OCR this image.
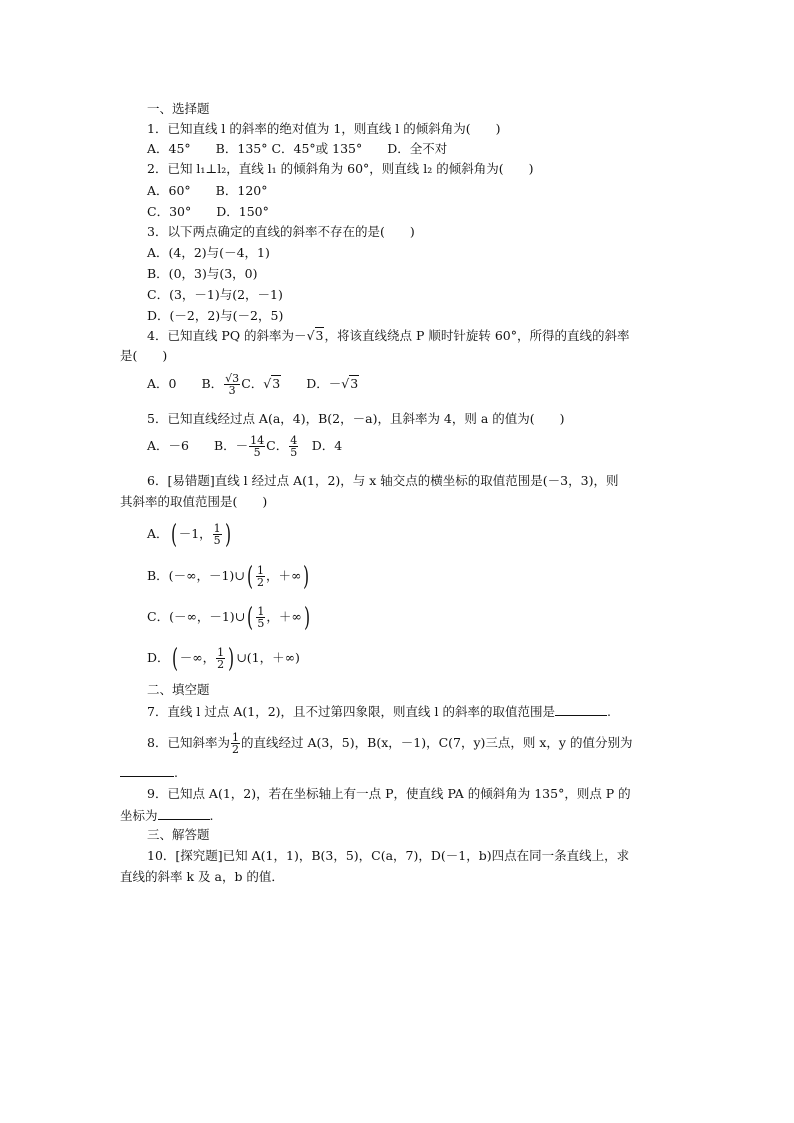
一、选择题
1．已知直线 l 的斜率的绝对值为 1，则直线 l 的倾斜角为(　　)
A．45°　　B．135° C．45°或 135°　　D．全不对
2．已知 l₁⊥l₂，直线 l₁ 的倾斜角为 60°，则直线 l₂ 的倾斜角为(　　)
A．60°　　B．120°
C．30°　　D．150°
3．以下两点确定的直线的斜率不存在的是(　　)
A．(4，2)与(－4，1)
B．(0，3)与(3，0)
C．(3，－1)与(2，－1)
D．(－2，2)与(－2，5)
4．已知直线 PQ 的斜率为－√3，将该直线绕点 P 顺时针旋转 60°，所得的直线的斜率
是(　　)
A．0　　B． $\frac{√3}{3}$ C．√3　　D．－√3
5．已知直线经过点 A(a，4)，B(2，－a)，且斜率为 4，则 a 的值为(　　)
A．－6　　B．－ $\frac{14}{5}$ C． $\frac{4}{5}$ 　D．4
6．[易错题]直线 l 经过点 A(1，2)，与 x 轴交点的横坐标的取值范围是(－3，3)，则
其斜率的取值范围是(　　)
A．( －1， $\frac{1}{5}$ )
B．(－∞，－1)∪( $\frac{1}{2}$ ，＋∞)
C．(－∞，－1)∪( $\frac{1}{5}$ ，＋∞)
D．( －∞， $\frac{1}{2}$ ) ∪(1，＋∞)
二、填空题
7．直线 l 过点 A(1，2)，且不过第四象限，则直线 l 的斜率的取值范围是	.
8．已知斜率为 $\frac{1}{2}$ 的直线经过 A(3，5)，B(x，－1)，C(7，y)三点，则 x，y 的值分别为
.
9．已知点 A(1，2)，若在坐标轴上有一点 P，使直线 PA 的倾斜角为 135°，则点 P 的
坐标为	.
三、解答题
10．[探究题]已知 A(1，1)，B(3，5)，C(a，7)，D(－1，b)四点在同一条直线上，求
直线的斜率 k 及 a，b 的值．
